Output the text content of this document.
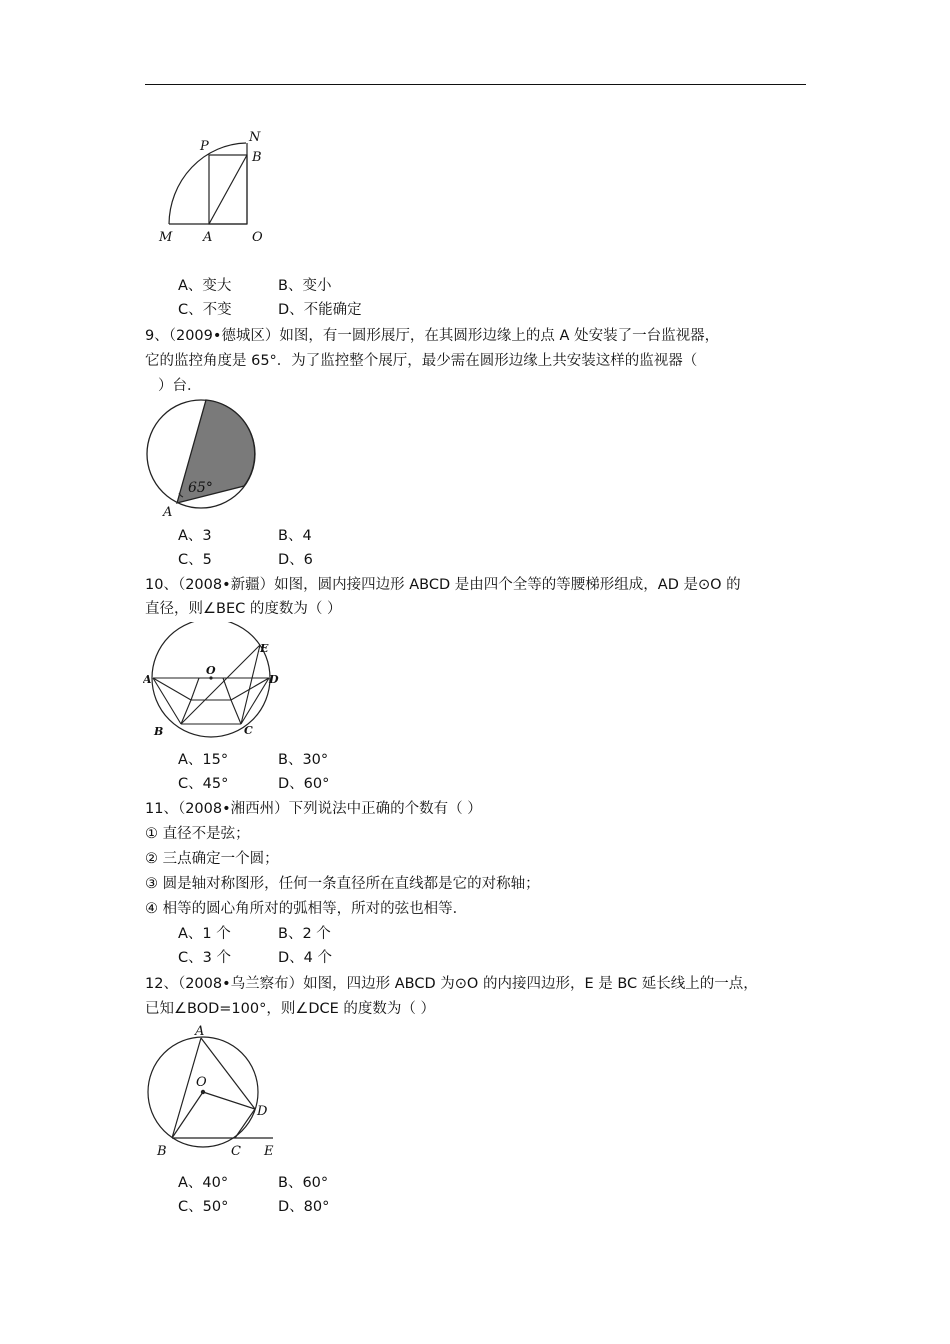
P
N
B
M A	O
A、变大	B、变小
C、不变	D、不能确定
9、（2009•德城区）如图，有一圆形展厅，在其圆形边缘上的点 A 处安装了一台监视器，
它的监控角度是 65°．为了监控整个展厅，最少需在圆形边缘上共安装这样的监视器（
）台．
65°
A
A、3	B、4
C、5	D、6
10、（2008•新疆）如图，圆内接四边形 ABCD 是由四个全等的等腰梯形组成，AD 是⊙O 的
直径，则∠BEC 的度数为（ ）
A
O
E
D
B	C
A、15°	B、30°
C、45°	D、60°
11、（2008•湘西州）下列说法中正确的个数有（ ）
① 直径不是弦；
② 三点确定一个圆；
③ 圆是轴对称图形，任何一条直径所在直线都是它的对称轴；
④ 相等的圆心角所对的弧相等，所对的弦也相等．
A、1 个	B、2 个
C、3 个	D、4 个
12、（2008•乌兰察布）如图，四边形 ABCD 为⊙O 的内接四边形，E 是 BC 延长线上的一点，
已知∠BOD=100°，则∠DCE 的度数为（ ）
A
O
D
B	C E
A、40°	B、60°
C、50°	D、80°
